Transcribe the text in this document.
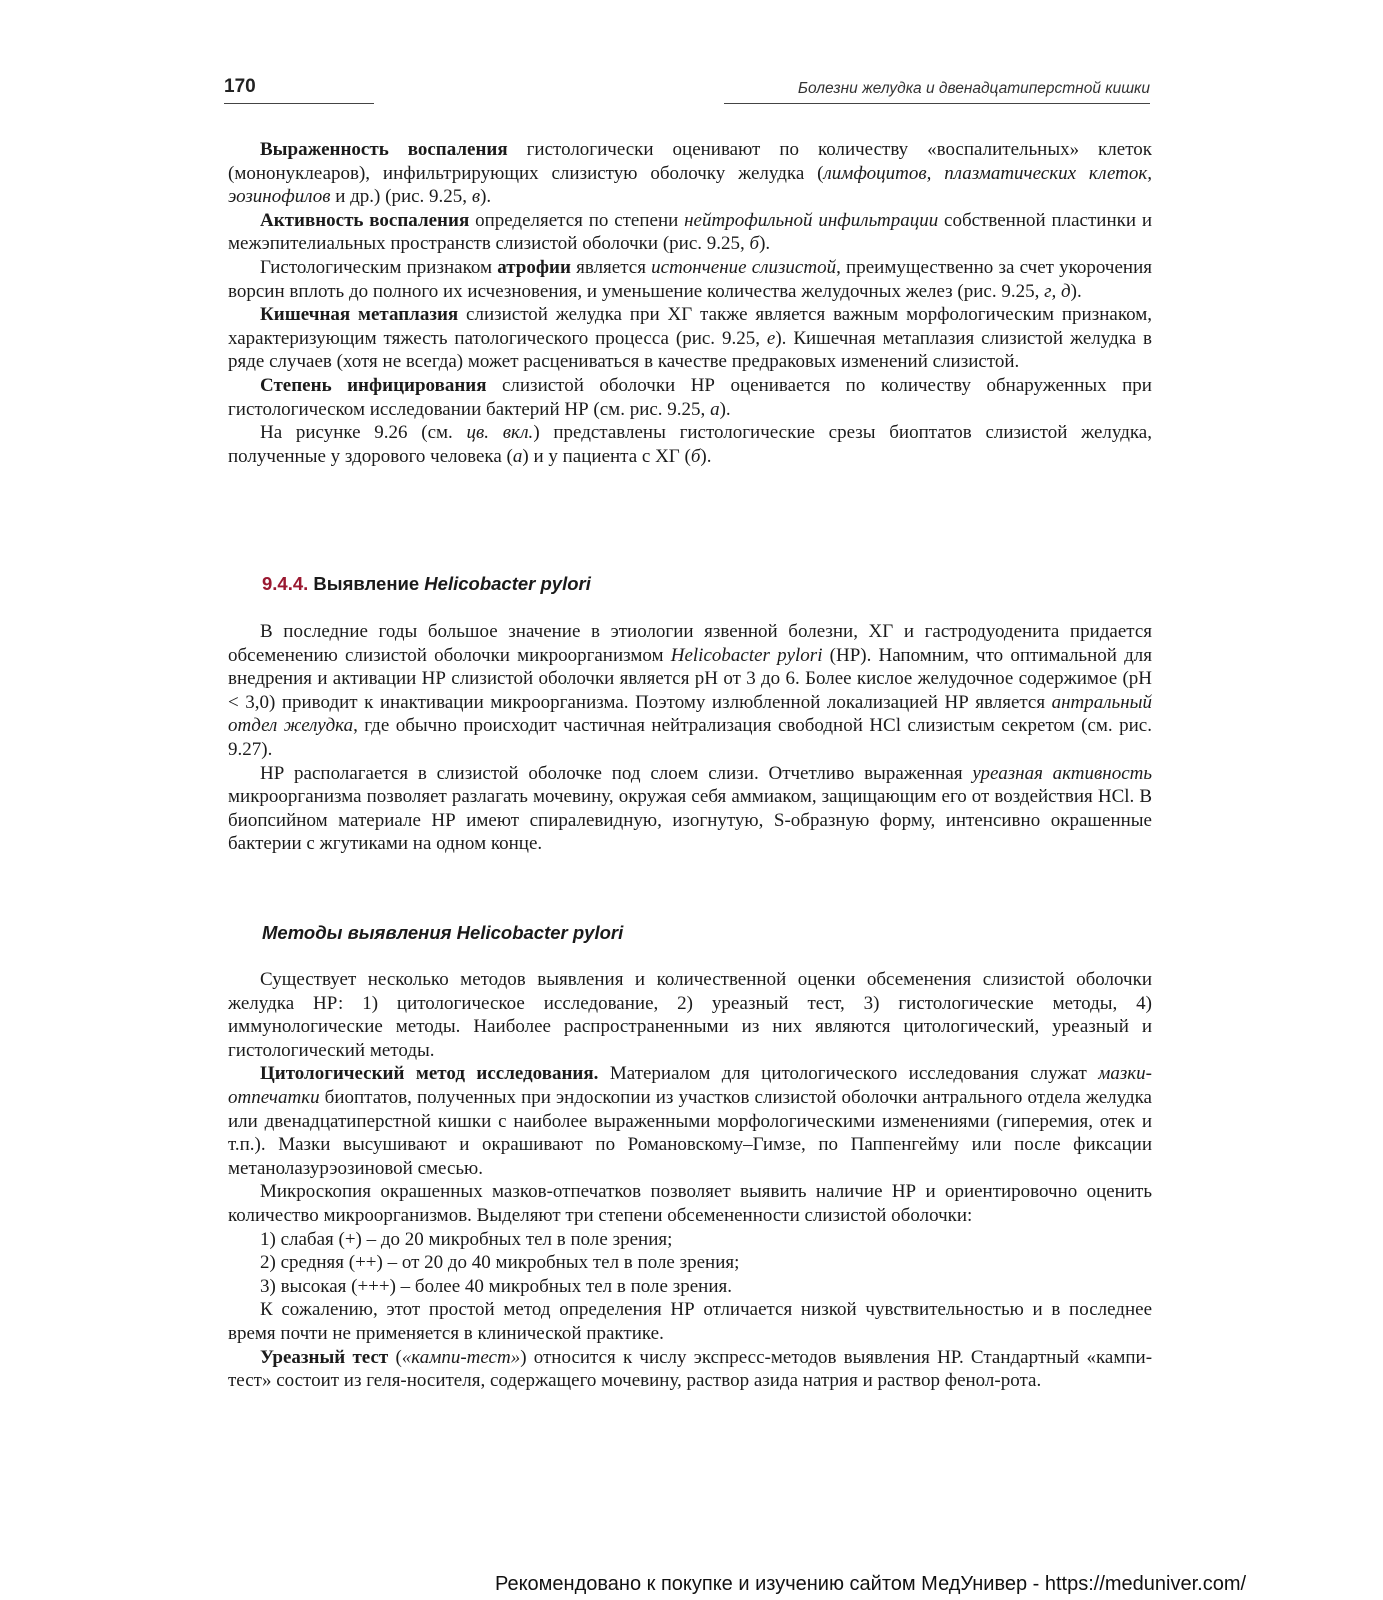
170	Болезни желудка и двенадцатиперстной кишки

Выраженность воспаления гистологически оценивают по количеству «воспалительных» клеток (мононуклеаров), инфильтрирующих слизистую оболочку желудка (лимфоцитов, плазматических клеток, эозинофилов и др.) (рис. 9.25, в).

Активность воспаления определяется по степени нейтрофильной инфильтрации собственной пластинки и межэпителиальных пространств слизистой оболочки (рис. 9.25, б).

Гистологическим признаком атрофии является истончение слизистой, преимущественно за счет укорочения ворсин вплоть до полного их исчезновения, и уменьшение количества желудочных желез (рис. 9.25, г, д).

Кишечная метаплазия слизистой желудка при ХГ также является важным морфологическим признаком, характеризующим тяжесть патологического процесса (рис. 9.25, е). Кишечная метаплазия слизистой желудка в ряде случаев (хотя не всегда) может расцениваться в качестве предраковых изменений слизистой.

Степень инфицирования слизистой оболочки НР оценивается по количеству обнаруженных при гистологическом исследовании бактерий НР (см. рис. 9.25, а).

На рисунке 9.26 (см. цв. вкл.) представлены гистологические срезы биоптатов слизистой желудка, полученные у здорового человека (а) и у пациента с ХГ (б).

9.4.4. Выявление Helicobacter pylori

В последние годы большое значение в этиологии язвенной болезни, ХГ и гастродуоденита придается обсеменению слизистой оболочки микроорганизмом Helicobacter pylori (НР). Напомним, что оптимальной для внедрения и активации НР слизистой оболочки является pH от 3 до 6. Более кислое желудочное содержимое (pH < 3,0) приводит к инактивации микроорганизма. Поэтому излюбленной локализацией НР является антральный отдел желудка, где обычно происходит частичная нейтрализация свободной HCl слизистым секретом (см. рис. 9.27).

НР располагается в слизистой оболочке под слоем слизи. Отчетливо выраженная уреазная активность микроорганизма позволяет разлагать мочевину, окружая себя аммиаком, защищающим его от воздействия HCl. В биопсийном материале НР имеют спиралевидную, изогнутую, S-образную форму, интенсивно окрашенные бактерии с жгутиками на одном конце.

Методы выявления Helicobacter pylori

Существует несколько методов выявления и количественной оценки обсеменения слизистой оболочки желудка НР: 1) цитологическое исследование, 2) уреазный тест, 3) гистологические методы, 4) иммунологические методы. Наиболее распространенными из них являются цитологический, уреазный и гистологический методы.

Цитологический метод исследования. Материалом для цитологического исследования служат мазки-отпечатки биоптатов, полученных при эндоскопии из участков слизистой оболочки антрального отдела желудка или двенадцатиперстной кишки с наиболее выраженными морфологическими изменениями (гиперемия, отек и т.п.). Мазки высушивают и окрашивают по Романовскому–Гимзе, по Паппенгейму или после фиксации метанолазурэозиновой смесью.

Микроскопия окрашенных мазков-отпечатков позволяет выявить наличие НР и ориентировочно оценить количество микроорганизмов. Выделяют три степени обсемененности слизистой оболочки:

1) слабая (+) – до 20 микробных тел в поле зрения;

2) средняя (++) – от 20 до 40 микробных тел в поле зрения;

3) высокая (+++) – более 40 микробных тел в поле зрения.

К сожалению, этот простой метод определения НР отличается низкой чувствительностью и в последнее время почти не применяется в клинической практике.

Уреазный тест («кампи-тест») относится к числу экспресс-методов выявления НР. Стандартный «кампи-тест» состоит из геля-носителя, содержащего мочевину, раствор азида натрия и раствор фенол-рота.

Рекомендовано к покупке и изучению сайтом МедУнивер - https://meduniver.com/
